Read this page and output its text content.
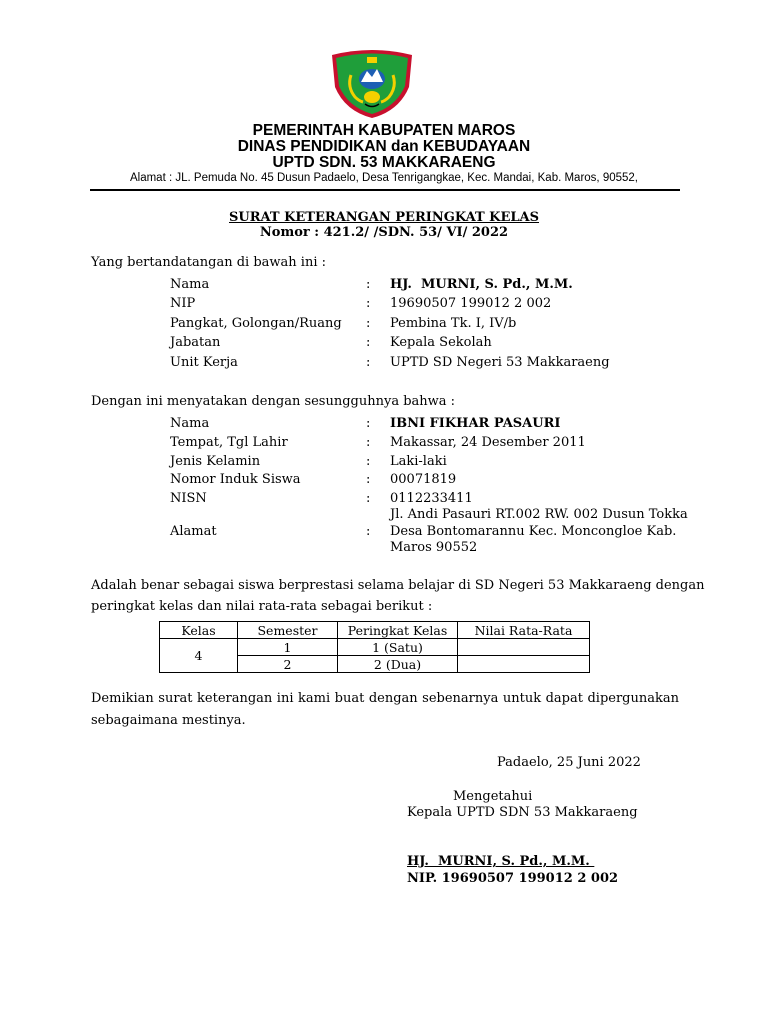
PEMERINTAH KABUPATEN MAROS
DINAS PENDIDIKAN dan KEBUDAYAAN
UPTD SDN. 53 MAKKARAENG
Alamat : JL. Pemuda No. 45 Dusun Padaelo, Desa Tenrigangkae, Kec. Mandai, Kab. Maros, 90552,
SURAT KETERANGAN PERINGKAT KELAS
Nomor : 421.2/ /SDN. 53/ VI/ 2022
Yang bertandatangan di bawah ini :
Nama	: HJ.  MURNI, S. Pd., M.M.
NIP	: 19690507 199012 2 002
Pangkat, Golongan/Ruang : Pembina Tk. I, IV/b
Jabatan	: Kepala Sekolah
Unit Kerja	: UPTD SD Negeri 53 Makkaraeng
Dengan ini menyatakan dengan sesungguhnya bahwa :
Nama	: IBNI FIKHAR PASAURI
Tempat, Tgl Lahir	: Makassar, 24 Desember 2011
Jenis Kelamin	: Laki-laki
Nomor Induk Siswa	: 00071819
NISN	: 0112233411
Alamat	:
Jl. Andi Pasauri RT.002 RW. 002 Dusun Tokka
Desa Bontomarannu Kec. Moncongloe Kab.
Maros 90552
Adalah benar sebagai siswa berprestasi selama belajar di SD Negeri 53 Makkaraeng dengan
peringkat kelas dan nilai rata-rata sebagai berikut :
Kelas	Semester	Peringkat Kelas	Nilai Rata-Rata
4	1	1 (Satu)	
	2	2 (Dua)	
Demikian surat keterangan ini kami buat dengan sebenarnya untuk dapat dipergunakan
sebagaimana mestinya.
Padaelo, 25 Juni 2022
Mengetahui
Kepala UPTD SDN 53 Makkaraeng
HJ.  MURNI, S. Pd., M.M.
NIP. 19690507 199012 2 002
